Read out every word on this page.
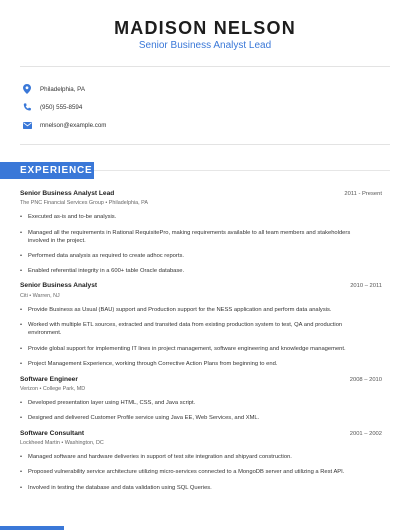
MADISON NELSON
Senior Business Analyst Lead
Philadelphia, PA
(950) 555-8594
mnelson@example.com
EXPERIENCE
Senior Business Analyst Lead	2011 - Present
The PNC Financial Services Group • Philadelphia, PA
•	Executed as-is and to-be analysis.
•	Managed all the requirements in Rational RequisitePro, making requirements available to all team members and stakeholders involved in the project.
•	Performed data analysis as required to create adhoc reports.
•	Enabled referential integrity in a 600+ table Oracle database.
Senior Business Analyst	2010 – 2011
Citi • Warren, NJ
•	Provide Business as Usual (BAU) support and Production support for the NESS application and perform data analysis.
•	Worked with multiple ETL sources, extracted and transited data from existing production system to test, QA and production environment.
•	Provide global support for implementing IT lines in project management, software engineering and knowledge management.
•	Project Management Experience, working through Corrective Action Plans from beginning to end.
Software Engineer	2008 – 2010
Verizon • College Park, MD
•	Developed presentation layer using HTML, CSS, and Java script.
•	Designed and delivered Customer Profile service using Java EE, Web Services, and XML.
Software Consultant	2001 – 2002
Lockheed Martin • Washington, DC
•	Managed software and hardware deliveries in support of test site integration and shipyard construction.
•	Proposed vulnerability service architecture utilizing micro-services connected to a MongoDB server and utilizing a Rest API.
•	Involved in testing the database and data validation using SQL Queries.
